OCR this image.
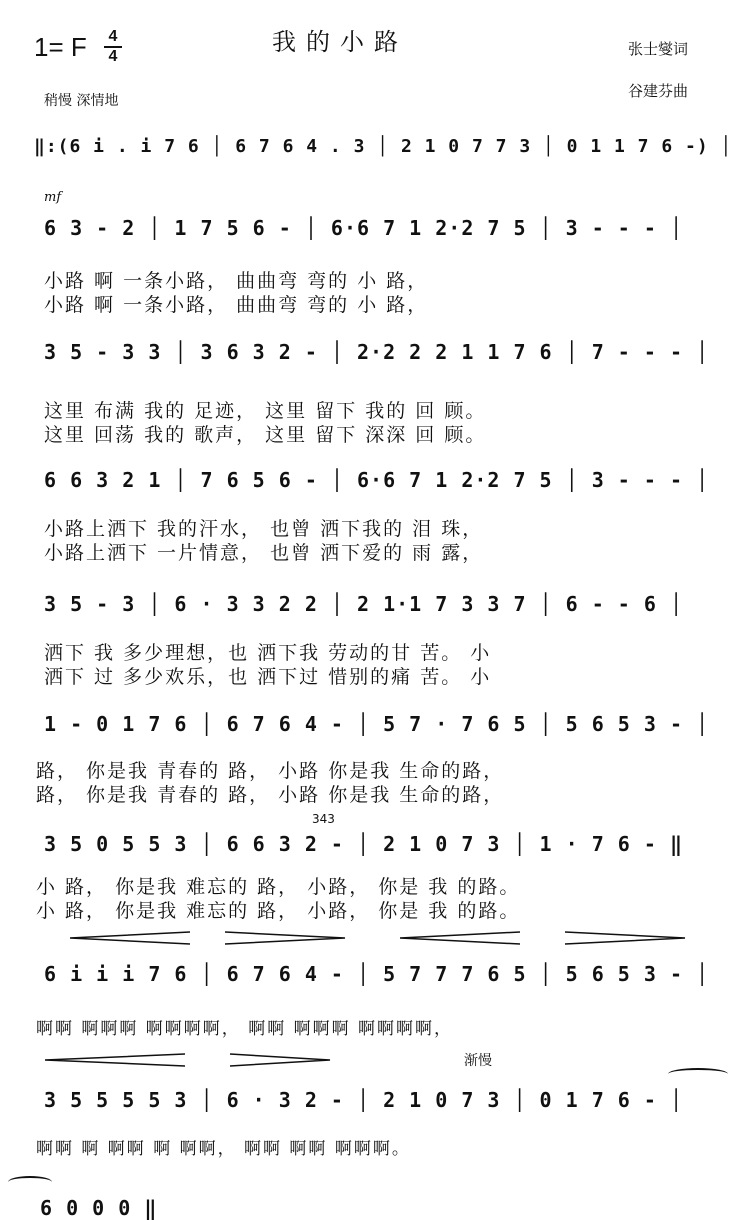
1= F 4
4
我的小路	张士燮词
谷建芬曲
稍慢 深情地
‖:(6 i . i 7 6 │ 6 7 6 4 . 3 │ 2 1 0 7 7 3 │ 0 1 1 7 6 -) │
mf
6 3 - 2 │ 1 7 5 6 - │ 6·6 7 1 2·2 7 5 │ 3 - - - │
小路 啊 一条小路， 曲曲弯 弯的 小 路，
小路 啊 一条小路， 曲曲弯 弯的 小 路，
3 5 - 3 3 │ 3 6 3 2 - │ 2·2 2 2 1 1 7 6 │ 7 - - - │
这里 布满 我的 足迹， 这里 留下 我的 回 顾。
这里 回荡 我的 歌声， 这里 留下 深深 回 顾。
6 6 3 2 1 │ 7 6 5 6 - │ 6·6 7 1 2·2 7 5 │ 3 - - - │
小路上洒下 我的汗水， 也曾 洒下我的 泪 珠，
小路上洒下 一片情意， 也曾 洒下爱的 雨 露，
3 5 - 3 │ 6 · 3 3 2 2 │ 2 1·1 7 3 3 7 │ 6 - - 6 │
洒下 我 多少理想，也 洒下我 劳动的甘 苦。 小
洒下 过 多少欢乐，也 洒下过 惜别的痛 苦。 小
1 - 0 1 7 6 │ 6 7 6 4 - │ 5 7 · 7 6 5 │ 5 6 5 3 - │
路， 你是我 青春的 路， 小路 你是我 生命的路，
路， 你是我 青春的 路， 小路 你是我 生命的路，
343
3 5 0 5 5 3 │ 6 6 3 2 - │ 2 1 0 7 3 │ 1 · 7 6 - ‖
小 路， 你是我 难忘的 路， 小路， 你是 我 的路。
小 路， 你是我 难忘的 路， 小路， 你是 我 的路。
6 i i i 7 6 │ 6 7 6 4 - │ 5 7 7 7 6 5 │ 5 6 5 3 - │
啊啊 啊啊啊 啊啊啊啊， 啊啊 啊啊啊 啊啊啊啊，
渐慢
3 5 5 5 5 3 │ 6 · 3 2 - │ 2 1 0 7 3 │ 0 1 7 6 - │
啊啊 啊 啊啊 啊 啊啊， 啊啊 啊啊 啊啊啊。
6 0 0 0 ‖
